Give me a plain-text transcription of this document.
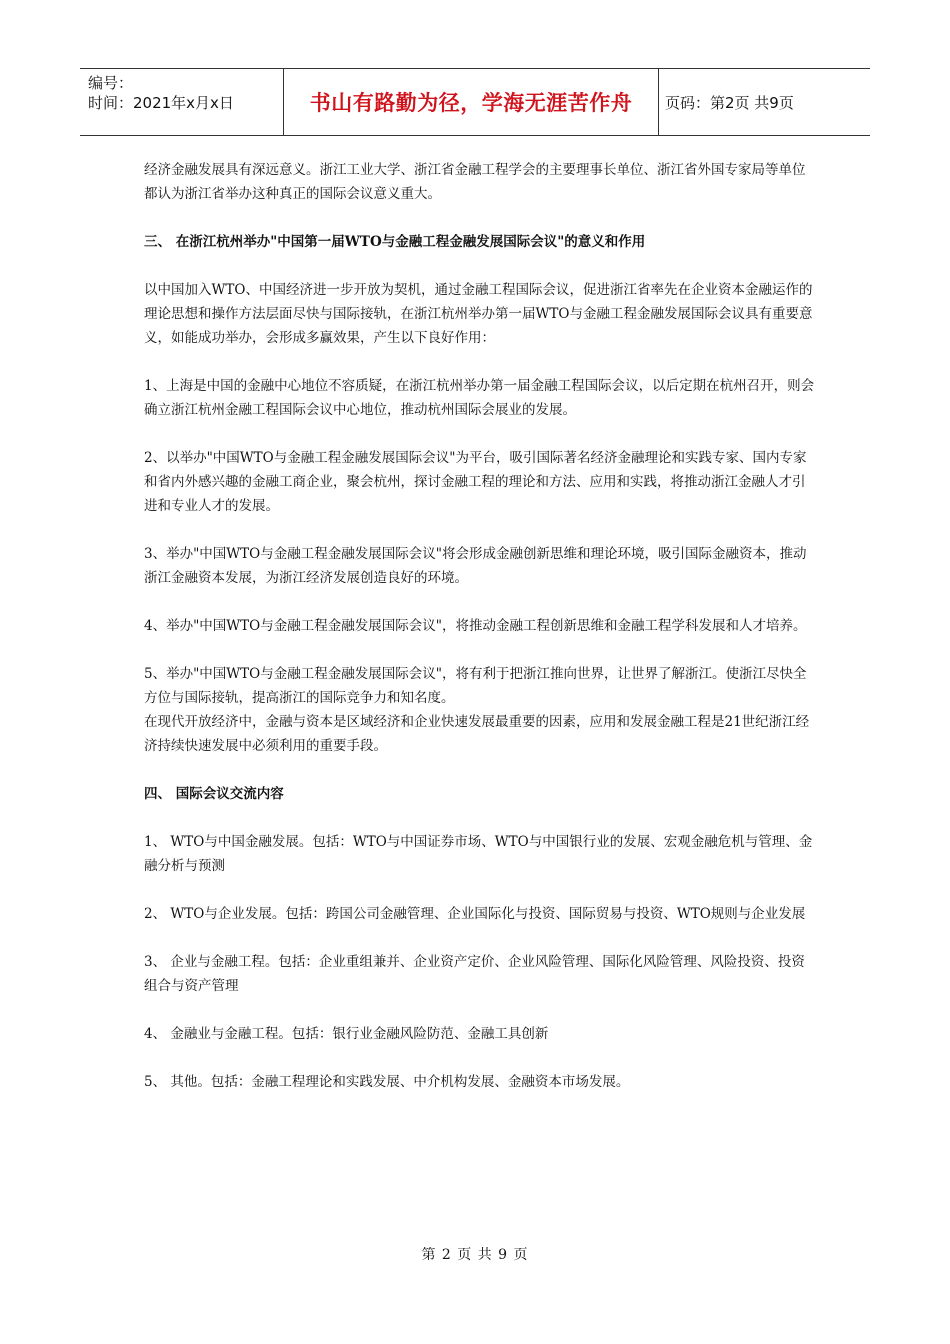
编号：
时间：2021年x月x日	书山有路勤为径，学海无涯苦作舟	页码：第2页 共9页

经济金融发展具有深远意义。浙江工业大学、浙江省金融工程学会的主要理事长单位、浙江省外国专家局等单位都认为浙江省举办这种真正的国际会议意义重大。

三、 在浙江杭州举办"中国第一届WTO与金融工程金融发展国际会议"的意义和作用

以中国加入WTO、中国经济进一步开放为契机，通过金融工程国际会议，促进浙江省率先在企业资本金融运作的理论思想和操作方法层面尽快与国际接轨，在浙江杭州举办第一届WTO与金融工程金融发展国际会议具有重要意义，如能成功举办，会形成多赢效果，产生以下良好作用：

1、上海是中国的金融中心地位不容质疑，在浙江杭州举办第一届金融工程国际会议，以后定期在杭州召开，则会确立浙江杭州金融工程国际会议中心地位，推动杭州国际会展业的发展。

2、以举办"中国WTO与金融工程金融发展国际会议"为平台，吸引国际著名经济金融理论和实践专家、国内专家和省内外感兴趣的金融工商企业，聚会杭州，探讨金融工程的理论和方法、应用和实践，将推动浙江金融人才引进和专业人才的发展。

3、举办"中国WTO与金融工程金融发展国际会议"将会形成金融创新思维和理论环境，吸引国际金融资本，推动浙江金融资本发展，为浙江经济发展创造良好的环境。

4、举办"中国WTO与金融工程金融发展国际会议"，将推动金融工程创新思维和金融工程学科发展和人才培养。

5、举办"中国WTO与金融工程金融发展国际会议"，将有利于把浙江推向世界，让世界了解浙江。使浙江尽快全方位与国际接轨，提高浙江的国际竞争力和知名度。

在现代开放经济中，金融与资本是区域经济和企业快速发展最重要的因素，应用和发展金融工程是21世纪浙江经济持续快速发展中必须利用的重要手段。

四、 国际会议交流内容

1、 WTO与中国金融发展。包括：WTO与中国证券市场、WTO与中国银行业的发展、宏观金融危机与管理、金融分析与预测

2、 WTO与企业发展。包括：跨国公司金融管理、企业国际化与投资、国际贸易与投资、WTO规则与企业发展

3、 企业与金融工程。包括：企业重组兼并、企业资产定价、企业风险管理、国际化风险管理、风险投资、投资组合与资产管理

4、 金融业与金融工程。包括：银行业金融风险防范、金融工具创新

5、 其他。包括：金融工程理论和实践发展、中介机构发展、金融资本市场发展。

第 2 页 共 9 页
